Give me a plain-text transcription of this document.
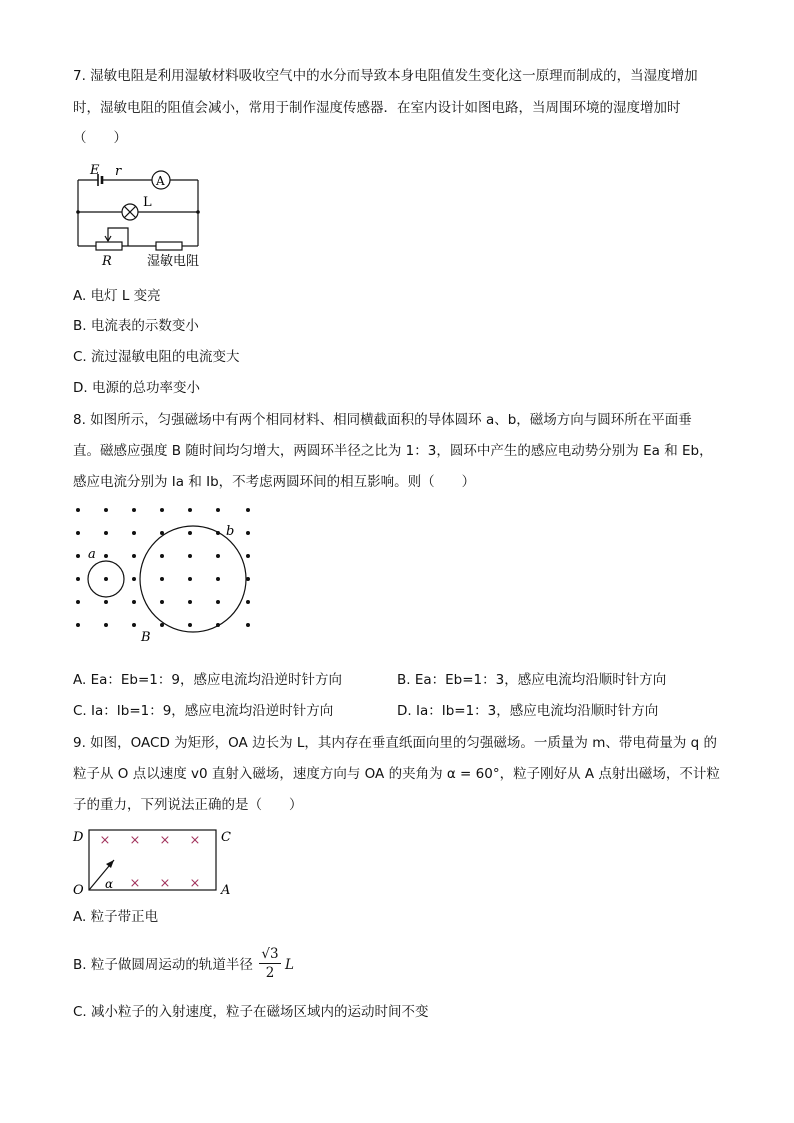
7. 湿敏电阻是利用湿敏材料吸收空气中的水分而导致本身电阻值发生变化这一原理而制成的，当湿度增加
时，湿敏电阻的阻值会减小，常用于制作湿度传感器．在室内设计如图电路，当周围环境的湿度增加时
（　　）
E r
A
L
R	湿敏电阻
A. 电灯 L 变亮
B. 电流表的示数变小
C. 流过湿敏电阻的电流变大
D. 电源的总功率变小
8. 如图所示，匀强磁场中有两个相同材料、相同横截面积的导体圆环 a、b，磁场方向与圆环所在平面垂
直。磁感应强度 B 随时间均匀增大，两圆环半径之比为 1：3，圆环中产生的感应电动势分别为 Ea 和 Eb，
感应电流分别为 Ia 和 Ib，不考虑两圆环间的相互影响。则（　　）
a
b
B
A. Ea：Eb=1：9，感应电流均沿逆时针方向	B. Ea：Eb=1：3，感应电流均沿顺时针方向
C. Ia：Ib=1：9，感应电流均沿逆时针方向	D. Ia：Ib=1：3，感应电流均沿顺时针方向
9. 如图，OACD 为矩形，OA 边长为 L，其内存在垂直纸面向里的匀强磁场。一质量为 m、带电荷量为 q 的
粒子从 O 点以速度 v0 直射入磁场，速度方向与 OA 的夹角为 α = 60°，粒子刚好从 A 点射出磁场，不计粒
子的重力，下列说法正确的是（　　）
D	C
O	A
α
× × × ×
× × ×
A. 粒子带正电
B. 粒子做圆周运动的轨道半径 $\frac{√3}{2}$ L
C. 减小粒子的入射速度，粒子在磁场区域内的运动时间不变
